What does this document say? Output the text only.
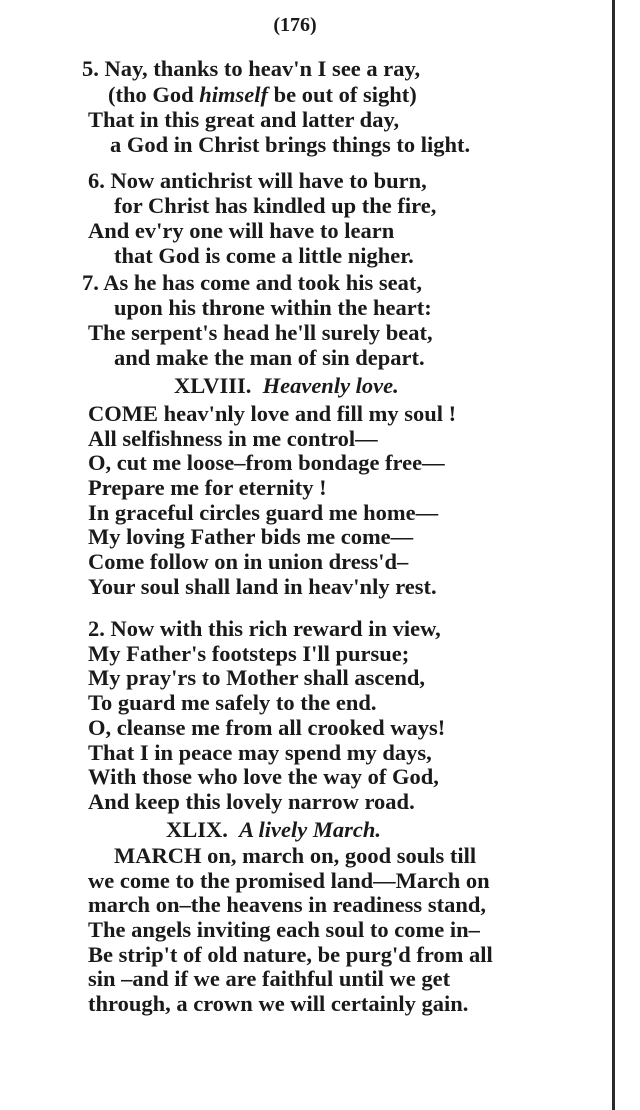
(176)
5. Nay, thanks to heav'n I see a ray,
(tho God himself be out of sight)
That in this great and latter day,
a God in Christ brings things to light.
6. Now antichrist will have to burn,
for Christ has kindled up the fire,
And ev'ry one will have to learn
that God is come a little nigher.
7. As he has come and took his seat,
upon his throne within the heart:
The serpent's head he'll surely beat,
and make the man of sin depart.
XLVIII. Heavenly love.
COME heav'nly love and fill my soul !
All selfishness in me control—
O, cut me loose–from bondage free—
Prepare me for eternity !
In graceful circles guard me home—
My loving Father bids me come—
Come follow on in union dress'd–
Your soul shall land in heav'nly rest.
2. Now with this rich reward in view,
My Father's footsteps I'll pursue;
My pray'rs to Mother shall ascend,
To guard me safely to the end.
O, cleanse me from all crooked ways!
That I in peace may spend my days,
With those who love the way of God,
And keep this lovely narrow road.
XLIX. A lively March.
MARCH on, march on, good souls till
we come to the promised land—March on
march on–the heavens in readiness stand,
The angels inviting each soul to come in–
Be strip't of old nature, be purg'd from all
sin –and if we are faithful until we get
through, a crown we will certainly gain.
